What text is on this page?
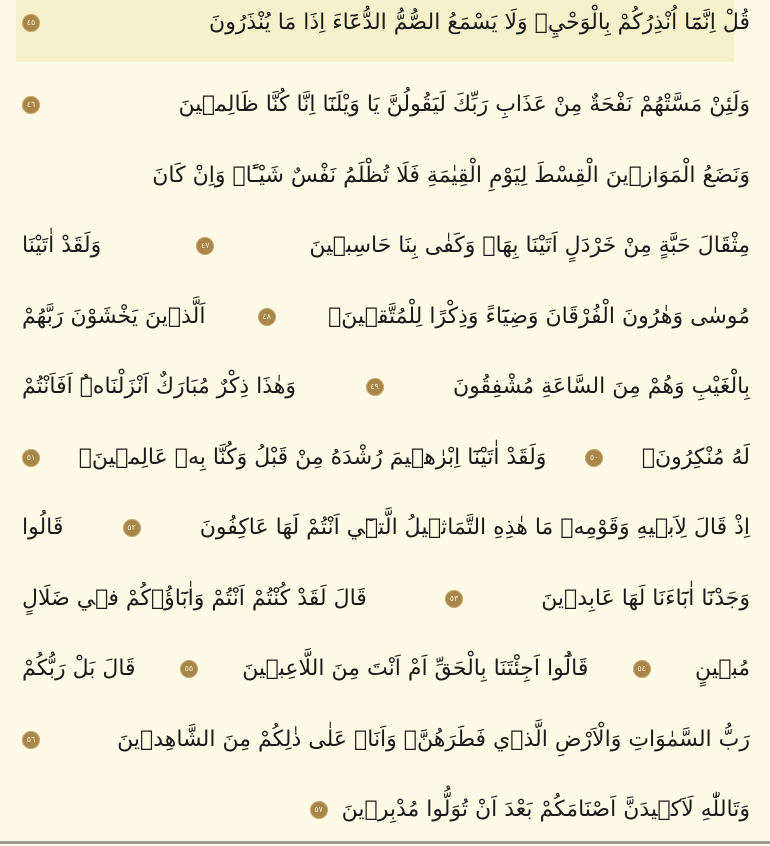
قُلْ اِنَّمَٓا اُنْذِرُكُمْ بِالْوَحْيِۘ وَلَا يَسْمَعُ الصُّمُّ الدُّعَٓاءَ اِذَا مَا يُنْذَرُونَ
٤٥
وَلَئِنْ مَسَّتْهُمْ نَفْحَةٌ مِنْ عَذَابِ رَبِّكَ لَيَقُولُنَّ يَا وَيْلَنَٓا اِنَّا كُنَّا ظَالِم۪ينَ
٤٦
وَنَضَعُ الْمَوَاز۪ينَ الْقِسْطَ لِيَوْمِ الْقِيٰمَةِ فَلَا تُظْلَمُ نَفْسٌ شَيْـًٔاۜ وَاِنْ كَانَ
مِثْقَالَ حَبَّةٍ مِنْ خَرْدَلٍ اَتَيْنَا بِهَاۜ وَكَفٰى بِنَا حَاسِب۪ينَ
٤٧
وَلَقَدْ اٰتَيْنَا
مُوسٰى وَهٰرُونَ الْفُرْقَانَ وَضِيَٓاءً وَذِكْرًا لِلْمُتَّق۪ينَۙ
٤٨
اَلَّذ۪ينَ يَخْشَوْنَ رَبَّهُمْ
بِالْغَيْبِ وَهُمْ مِنَ السَّاعَةِ مُشْفِقُونَ
٤٩
وَهٰذَا ذِكْرٌ مُبَارَكٌ اَنْزَلْنَاهُۜ اَفَاَنْتُمْ
لَهُ مُنْكِرُونَ۟
٥٠
وَلَقَدْ اٰتَيْنَٓا اِبْرٰه۪يمَ رُشْدَهُ مِنْ قَبْلُ وَكُنَّا بِه۪ عَالِم۪ينَۚ
٥١
اِذْ قَالَ لِاَب۪يهِ وَقَوْمِه۪ مَا هٰذِهِ التَّمَاث۪يلُ الَّت۪ٓي اَنْتُمْ لَهَا عَاكِفُونَ
٥٢
قَالُوا
وَجَدْنَٓا اٰبَٓاءَنَا لَهَا عَابِد۪ينَ
٥٣
قَالَ لَقَدْ كُنْتُمْ اَنْتُمْ وَاٰبَٓاؤُ۬كُمْ ف۪ي ضَلَالٍ
مُب۪ينٍ
٥٤
قَالُٓوا اَجِئْتَنَا بِالْحَقِّ اَمْ اَنْتَ مِنَ اللَّاعِب۪ينَ
٥٥
قَالَ بَلْ رَبُّكُمْ
رَبُّ السَّمٰوَاتِ وَالْاَرْضِ الَّذ۪ي فَطَرَهُنَّۘ وَاَنَا۬ عَلٰى ذٰلِكُمْ مِنَ الشَّاهِد۪ينَ
٥٦
وَتَاللّٰهِ لَاَك۪يدَنَّ اَصْنَامَكُمْ بَعْدَ اَنْ تُوَلُّوا مُدْبِر۪ينَ
٥٧
